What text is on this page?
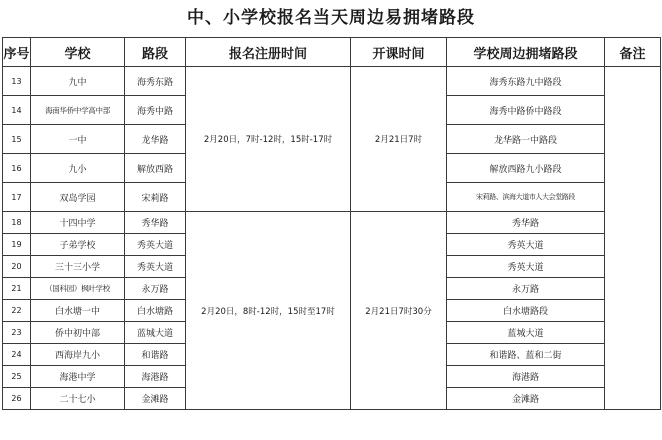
中、小学校报名当天周边易拥堵路段
序号	学校	路段	报名注册时间	开课时间	学校周边拥堵路段	备注
13	九中	海秀东路	2月20日，7时-12时，15时-17时	2月21日7时	海秀东路九中路段	
14	海南华侨中学高中部	海秀中路			海秀中路侨中路段	
15	一中	龙华路			龙华路一中路段	
16	九小	解放西路			解放西路九小路段	
17	双岛学园	宋莉路			宋莉路、滨海大道市人大会堂路段	
18	十四中学	秀华路	2月20日，8时-12时，15时至17时	2月21日7时30分	秀华路	
19	子弟学校	秀英大道			秀英大道	
20	三十三小学	秀英大道			秀英大道	
21	（国科园）枫叶学校	永万路			永万路	
22	白水塘一中	白水塘路			白水塘路段	
23	侨中初中部	蓝城大道			蓝城大道	
24	西海岸九小	和谐路			和谐路、蓝和二街	
25	海港中学	海港路			海港路	
26	二十七小	金滩路			金滩路	
